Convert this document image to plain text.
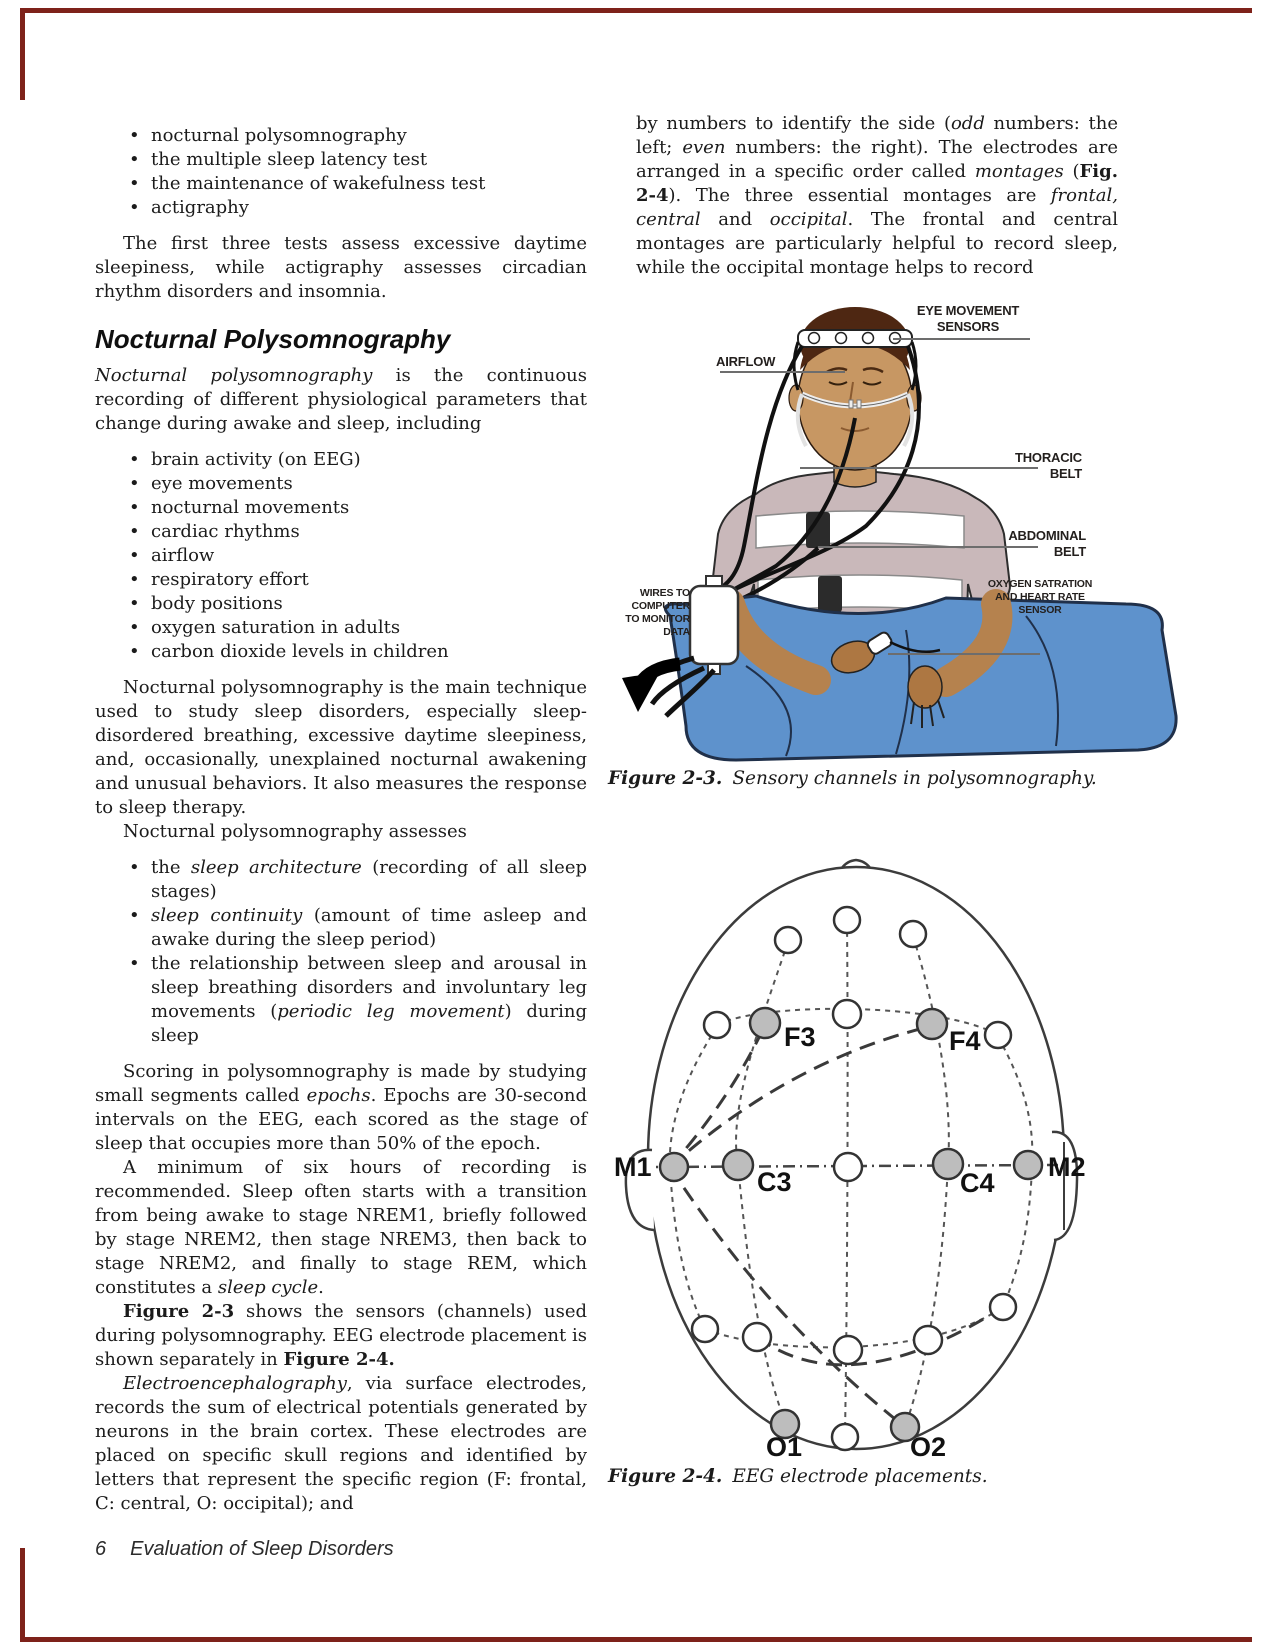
• nocturnal polysomnography
• the multiple sleep latency test
• the maintenance of wakefulness test
• actigraphy

The first three tests assess excessive daytime sleepiness, while actigraphy assesses circadian rhythm disorders and insomnia.

Nocturnal Polysomnography

Nocturnal polysomnography is the continuous recording of different physiological parameters that change during awake and sleep, including

• brain activity (on EEG)
• eye movements
• nocturnal movements
• cardiac rhythms
• airflow
• respiratory effort
• body positions
• oxygen saturation in adults
• carbon dioxide levels in children

Nocturnal polysomnography is the main technique used to study sleep disorders, especially sleep-disordered breathing, excessive daytime sleepiness, and, occasionally, unexplained nocturnal awakening and unusual behaviors. It also measures the response to sleep therapy.

Nocturnal polysomnography assesses

• the sleep architecture (recording of all sleep stages)
• sleep continuity (amount of time asleep and awake during the sleep period)
• the relationship between sleep and arousal in sleep breathing disorders and involuntary leg movements (periodic leg movement) during sleep

Scoring in polysomnography is made by studying small segments called epochs. Epochs are 30-second intervals on the EEG, each scored as the stage of sleep that occupies more than 50% of the epoch.

A minimum of six hours of recording is recommended. Sleep often starts with a transition from being awake to stage NREM1, briefly followed by stage NREM2, then stage NREM3, then back to stage NREM2, and finally to stage REM, which constitutes a sleep cycle.

Figure 2-3 shows the sensors (channels) used during polysomnography. EEG electrode placement is shown separately in Figure 2-4.

Electroencephalography, via surface electrodes, records the sum of electrical potentials generated by neurons in the brain cortex. These electrodes are placed on specific skull regions and identified by letters that represent the specific region (F: frontal, C: central, O: occipital); and

by numbers to identify the side (odd numbers: the left; even numbers: the right). The electrodes are arranged in a specific order called montages (Fig. 2-4). The three essential montages are frontal, central and occipital. The frontal and central montages are particularly helpful to record sleep, while the occipital montage helps to record

EYE MOVEMENT
SENSORS
AIRFLOW
THORACIC
BELT
ABDOMINAL
BELT
WIRES TO COMPUTER
TO MONITOR DATA
OXYGEN SATRATION
AND HEART RATE
SENSOR
Figure 2-3. Sensory channels in polysomnography.
F3	F4
M1	C3	C4
M2
O1	O2
Figure 2-4. EEG electrode placements.
6 Evaluation of Sleep Disorders
